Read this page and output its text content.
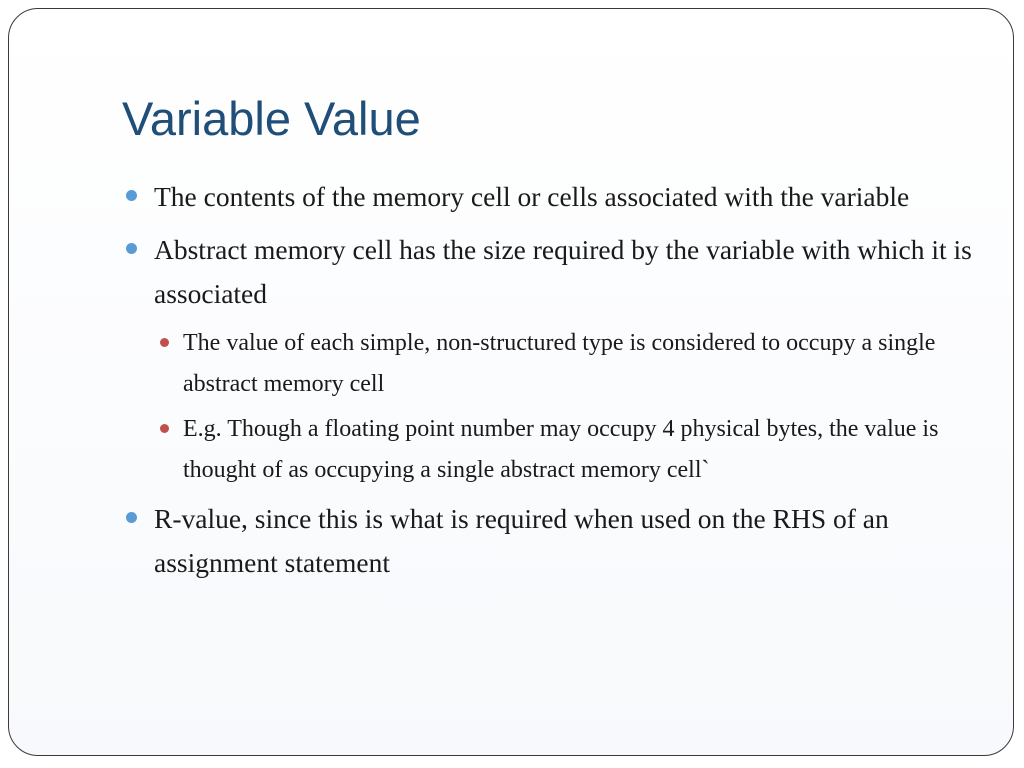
Variable Value
The contents of the memory cell or cells associated with the variable
Abstract memory cell has the size required by the variable with which it is associated
The value of each simple, non-structured type is considered to occupy a single abstract memory cell
E.g. Though a floating point number may occupy 4 physical bytes, the value is thought of as occupying a single abstract memory cell`
R-value, since this is what is required when used on the RHS of an assignment statement
